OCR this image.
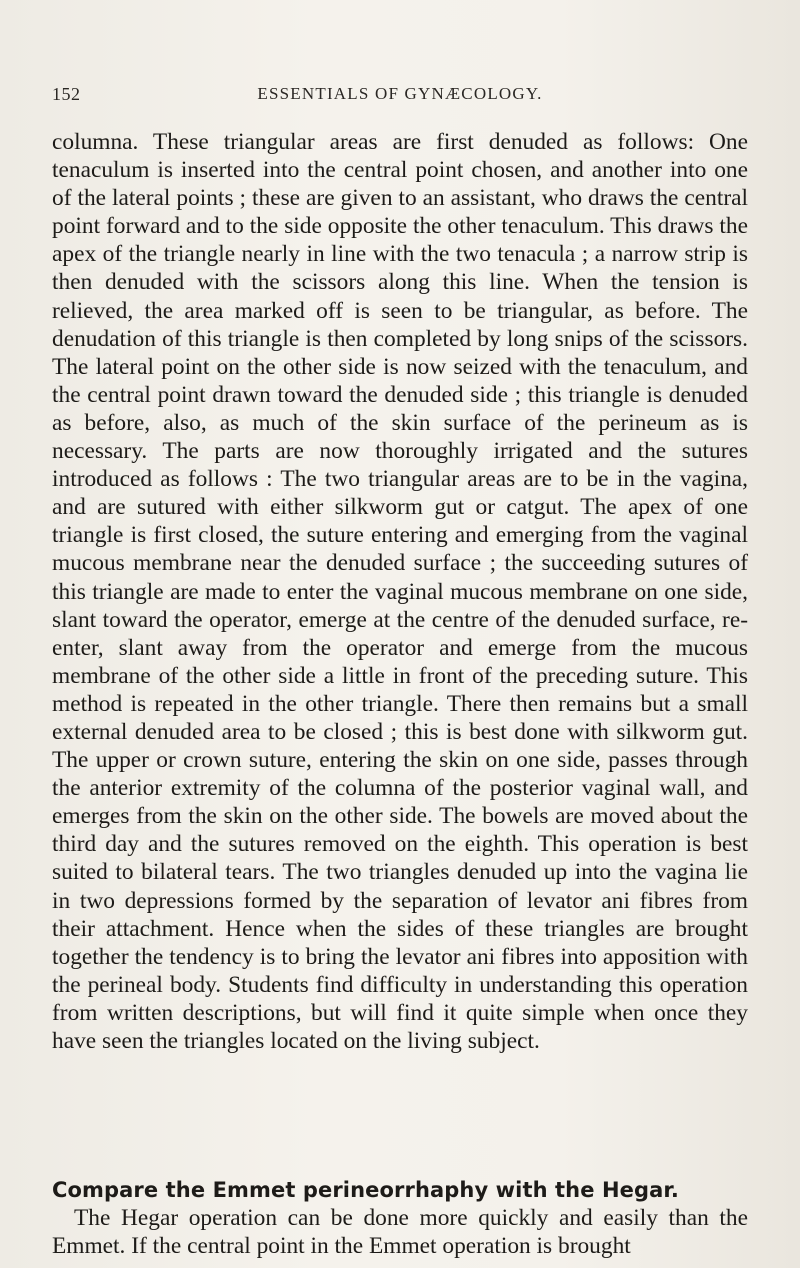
152	ESSENTIALS OF GYNÆCOLOGY.

columna. These triangular areas are first denuded as follows: One tenaculum is inserted into the central point chosen, and another into one of the lateral points ; these are given to an assistant, who draws the central point forward and to the side opposite the other tenaculum. This draws the apex of the triangle nearly in line with the two tenacula ; a narrow strip is then denuded with the scissors along this line. When the tension is relieved, the area marked off is seen to be triangular, as before. The denudation of this triangle is then completed by long snips of the scissors. The lateral point on the other side is now seized with the tenaculum, and the central point drawn toward the denuded side ; this triangle is denuded as before, also, as much of the skin surface of the perineum as is necessary. The parts are now thoroughly irrigated and the sutures introduced as follows : The two triangular areas are to be in the vagina, and are sutured with either silkworm gut or catgut. The apex of one triangle is first closed, the suture entering and emerging from the vaginal mucous membrane near the denuded surface ; the succeeding sutures of this triangle are made to enter the vaginal mucous membrane on one side, slant toward the operator, emerge at the centre of the denuded surface, re-enter, slant away from the operator and emerge from the mucous membrane of the other side a little in front of the preceding suture. This method is repeated in the other triangle. There then remains but a small external denuded area to be closed ; this is best done with silkworm gut. The upper or crown suture, entering the skin on one side, passes through the anterior extremity of the columna of the posterior vaginal wall, and emerges from the skin on the other side. The bowels are moved about the third day and the sutures removed on the eighth. This operation is best suited to bilateral tears. The two triangles denuded up into the vagina lie in two depressions formed by the separation of levator ani fibres from their attachment. Hence when the sides of these triangles are brought together the tendency is to bring the levator ani fibres into apposition with the perineal body. Students find difficulty in understanding this operation from written descriptions, but will find it quite simple when once they have seen the triangles located on the living subject.

Compare the Emmet perineorrhaphy with the Hegar.
The Hegar operation can be done more quickly and easily than the Emmet. If the central point in the Emmet operation is brought
